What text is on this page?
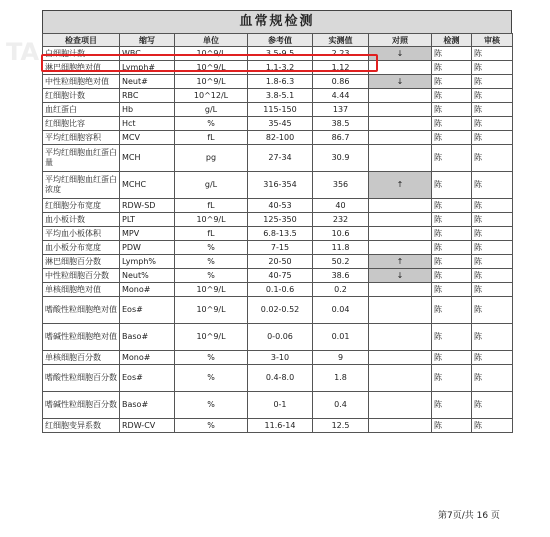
TA
血常规检测
检查项目	缩写	单位	参考值	实测值	对照	检测	审核
白细胞计数	WBC	10^9/L	3.5-9.5	2.23	↓	陈	陈
淋巴细胞绝对值	Lymph#	10^9/L	1.1-3.2	1.12		陈	陈
中性粒细胞绝对值	Neut#	10^9/L	1.8-6.3	0.86	↓	陈	陈
红细胞计数	RBC	10^12/L	3.8-5.1	4.44		陈	陈
血红蛋白	Hb	g/L	115-150	137		陈	陈
红细胞比容	Hct	%	35-45	38.5		陈	陈
平均红细胞容积	MCV	fL	82-100	86.7		陈	陈
平均红细胞血红蛋白量	MCH	pg	27-34	30.9		陈	陈
平均红细胞血红蛋白浓度	MCHC	g/L	316-354	356	↑	陈	陈
红细胞分布宽度	RDW-SD	fL	40-53	40		陈	陈
血小板计数	PLT	10^9/L	125-350	232		陈	陈
平均血小板体积	MPV	fL	6.8-13.5	10.6		陈	陈
血小板分布宽度	PDW	%	7-15	11.8		陈	陈
淋巴细胞百分数	Lymph%	%	20-50	50.2	↑	陈	陈
中性粒细胞百分数	Neut%	%	40-75	38.6	↓	陈	陈
单核细胞绝对值	Mono#	10^9/L	0.1-0.6	0.2		陈	陈
嗜酸性粒细胞绝对值	Eos#	10^9/L	0.02-0.52	0.04		陈	陈
嗜碱性粒细胞绝对值	Baso#	10^9/L	0-0.06	0.01		陈	陈
单核细胞百分数	Mono#	%	3-10	9		陈	陈
嗜酸性粒细胞百分数	Eos#	%	0.4-8.0	1.8		陈	陈
嗜碱性粒细胞百分数	Baso#	%	0-1	0.4		陈	陈
红细胞变异系数	RDW-CV	%	11.6-14	12.5		陈	陈
第7页/共 16 页
